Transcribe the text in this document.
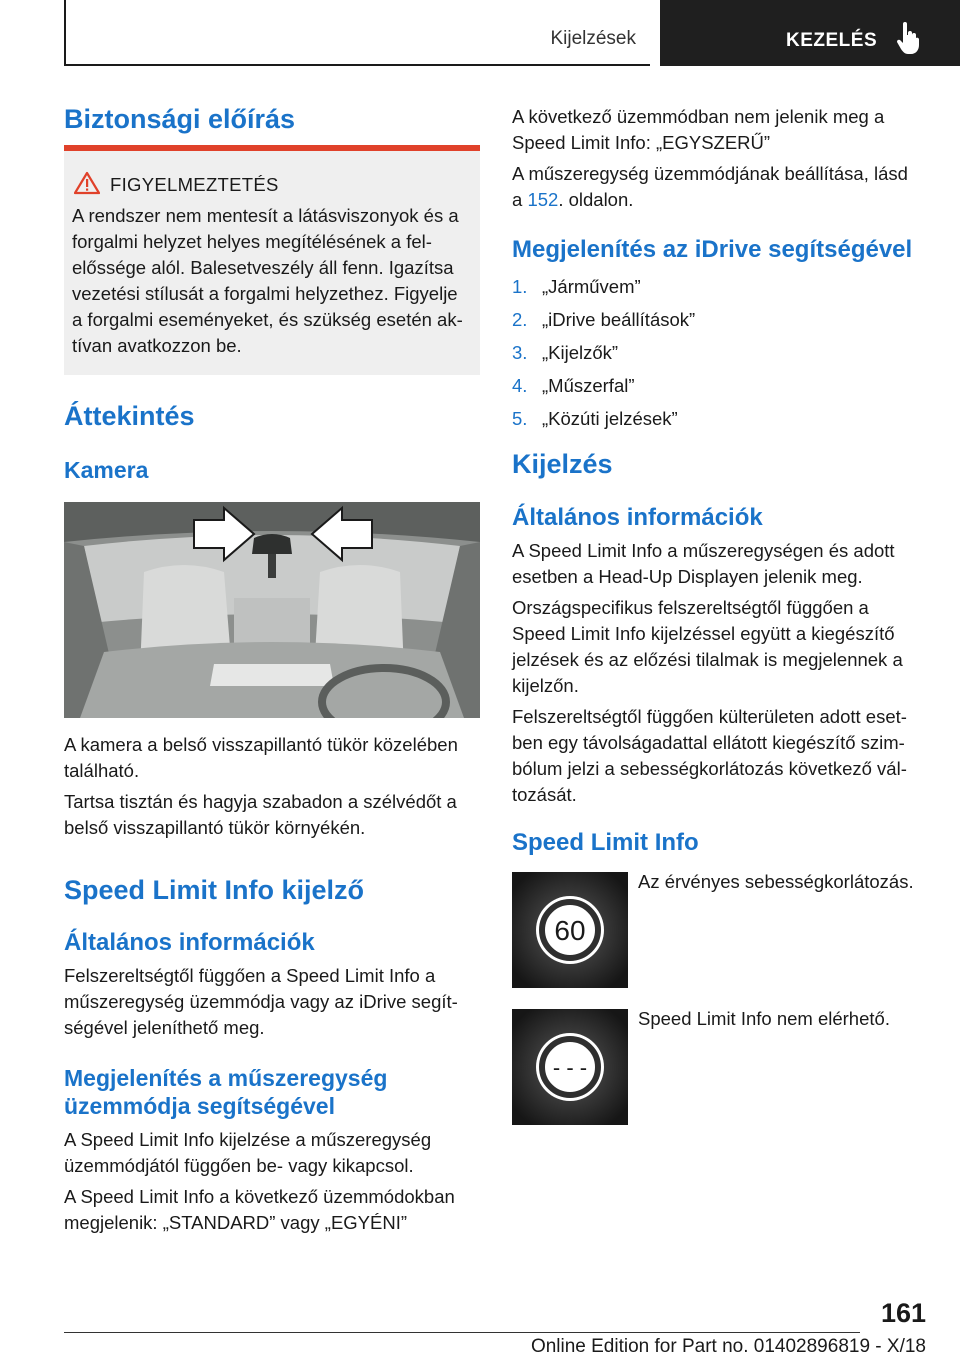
Kijelzések	KEZELÉS
Biztonsági előírás
FIGYELMEZTETÉS
A rendszer nem mentesít a látásviszonyok és a
forgalmi helyzet helyes megítélésének a fel-
előssége alól. Balesetveszély áll fenn. Igazítsa
vezetési stílusát a forgalmi helyzethez. Figyelje
a forgalmi eseményeket, és szükség esetén ak-
tívan avatkozzon be.
Áttekintés
Kamera
A kamera a belső visszapillantó tükör közelében
található.
Tartsa tisztán és hagyja szabadon a szélvédőt a
belső visszapillantó tükör környékén.
Speed Limit Info kijelző
Általános információk
Felszereltségtől függően a Speed Limit Info a
műszeregység üzemmódja vagy az iDrive segít-
ségével jeleníthető meg.
Megjelenítés a műszeregység
üzemmódja segítségével
A Speed Limit Info kijelzése a műszeregység
üzemmódjától függően be- vagy kikapcsol.
A Speed Limit Info a következő üzemmódokban
megjelenik: „STANDARD” vagy „EGYÉNI”
A következő üzemmódban nem jelenik meg a
Speed Limit Info: „EGYSZERŰ”
A műszeregység üzemmódjának beállítása, lásd
a 152. oldalon.
Megjelenítés az iDrive segítségével
1. „Járművem”
2. „iDrive beállítások”
3. „Kijelzők”
4. „Műszerfal”
5. „Közúti jelzések”
Kijelzés
Általános információk
A Speed Limit Info a műszeregységen és adott
esetben a Head-Up Displayen jelenik meg.
Országspecifikus felszereltségtől függően a
Speed Limit Info kijelzéssel együtt a kiegészítő
jelzések és az előzési tilalmak is megjelennek a
kijelzőn.
Felszereltségtől függően külterületen adott eset-
ben egy távolságadattal ellátott kiegészítő szim-
bólum jelzi a sebességkorlátozás következő vál-
tozását.
Speed Limit Info
60
Az érvényes sebességkorlátozás.
- - -
Speed Limit Info nem elérhető.
161
Online Edition for Part no. 01402896819 - X/18
